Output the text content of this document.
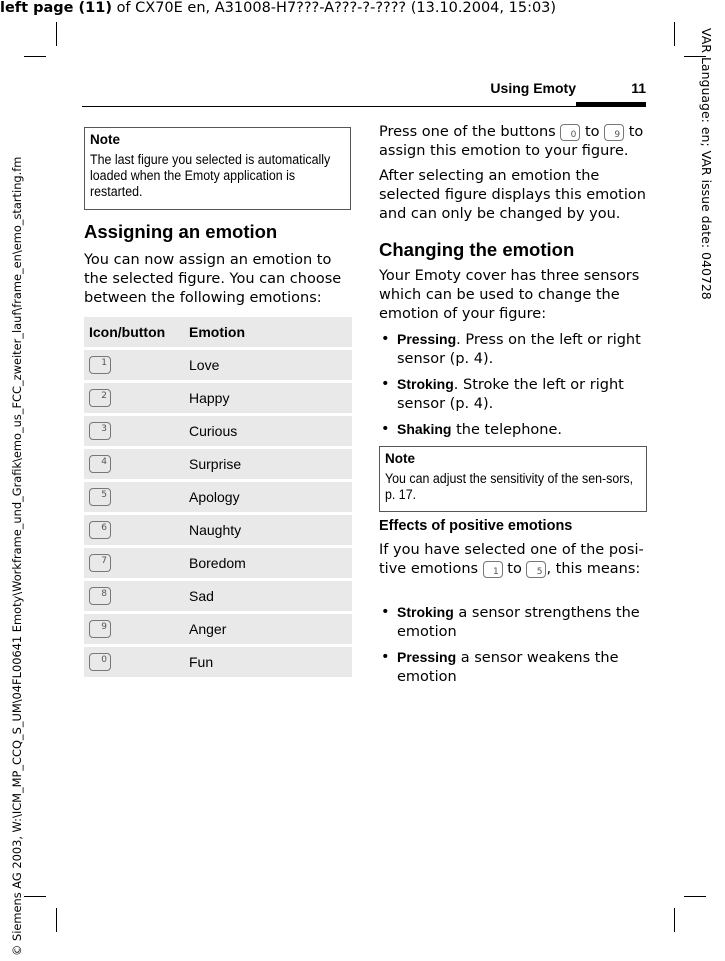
left page (11) of CX70E en, A31008-H7???-A???-?-???? (13.10.2004, 15:03)
© Siemens AG 2003, W:\ICM_MP_CCQ_S_UM\04FL00641 Emoty\Workframe_und_Grafik\emo_us_FCC_zweiter_lauf\frame_en\emo_starting.fm	VAR Language: en; VAR issue date: 040728
Using Emoty	11
Note
The last figure you selected is automatically loaded when the Emoty application is restarted.
Assigning an emotion
You can now assign an emotion to the selected figure. You can choose between the following emotions:
Icon/button	Emotion

1	Love

2	Happy

3	Curious

4	Surprise

5	Apology

6	Naughty

7	Boredom

8	Sad

9	Anger

0	Fun
Press one of the buttons 0 to 9 to assign this emotion to your figure.
After selecting an emotion the selected figure displays this emotion and can only be changed by you.
Changing the emotion
Your Emoty cover has three sensors which can be used to change the emotion of your figure:
• Pressing. Press on the left or right sensor (p. 4).
• Stroking. Stroke the left or right sensor (p. 4).
• Shaking the telephone.
Note
You can adjust the sensitivity of the sen-sors, p. 17.
Effects of positive emotions
If you have selected one of the posi-tive emotions 1 to 5 , this means:
• Stroking a sensor strengthens the emotion
• Pressing a sensor weakens the emotion
